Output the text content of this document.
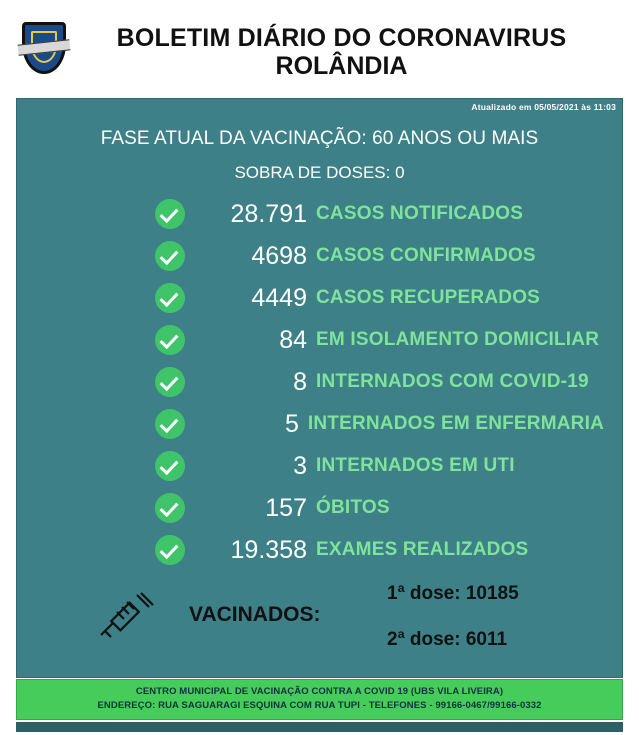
BOLETIM DIÁRIO DO CORONAVIRUS
ROLÂNDIA
Atualizado em 05/05/2021 às 11:03
FASE ATUAL DA VACINAÇÃO: 60 ANOS OU MAIS
SOBRA DE DOSES: 0
28.791 CASOS NOTIFICADOS
4698 CASOS CONFIRMADOS
4449 CASOS RECUPERADOS
84 EM ISOLAMENTO DOMICILIAR
8 INTERNADOS COM COVID-19
5 INTERNADOS EM ENFERMARIA
3 INTERNADOS EM UTI
157 ÓBITOS
19.358 EXAMES REALIZADOS
VACINADOS:
1ª dose: 10185
2ª dose: 6011
CENTRO MUNICIPAL DE VACINAÇÃO CONTRA A COVID 19 (UBS VILA LIVEIRA)
ENDEREÇO: RUA SAGUARAGI ESQUINA COM RUA TUPI - TELEFONES - 99166-0467/99166-0332
